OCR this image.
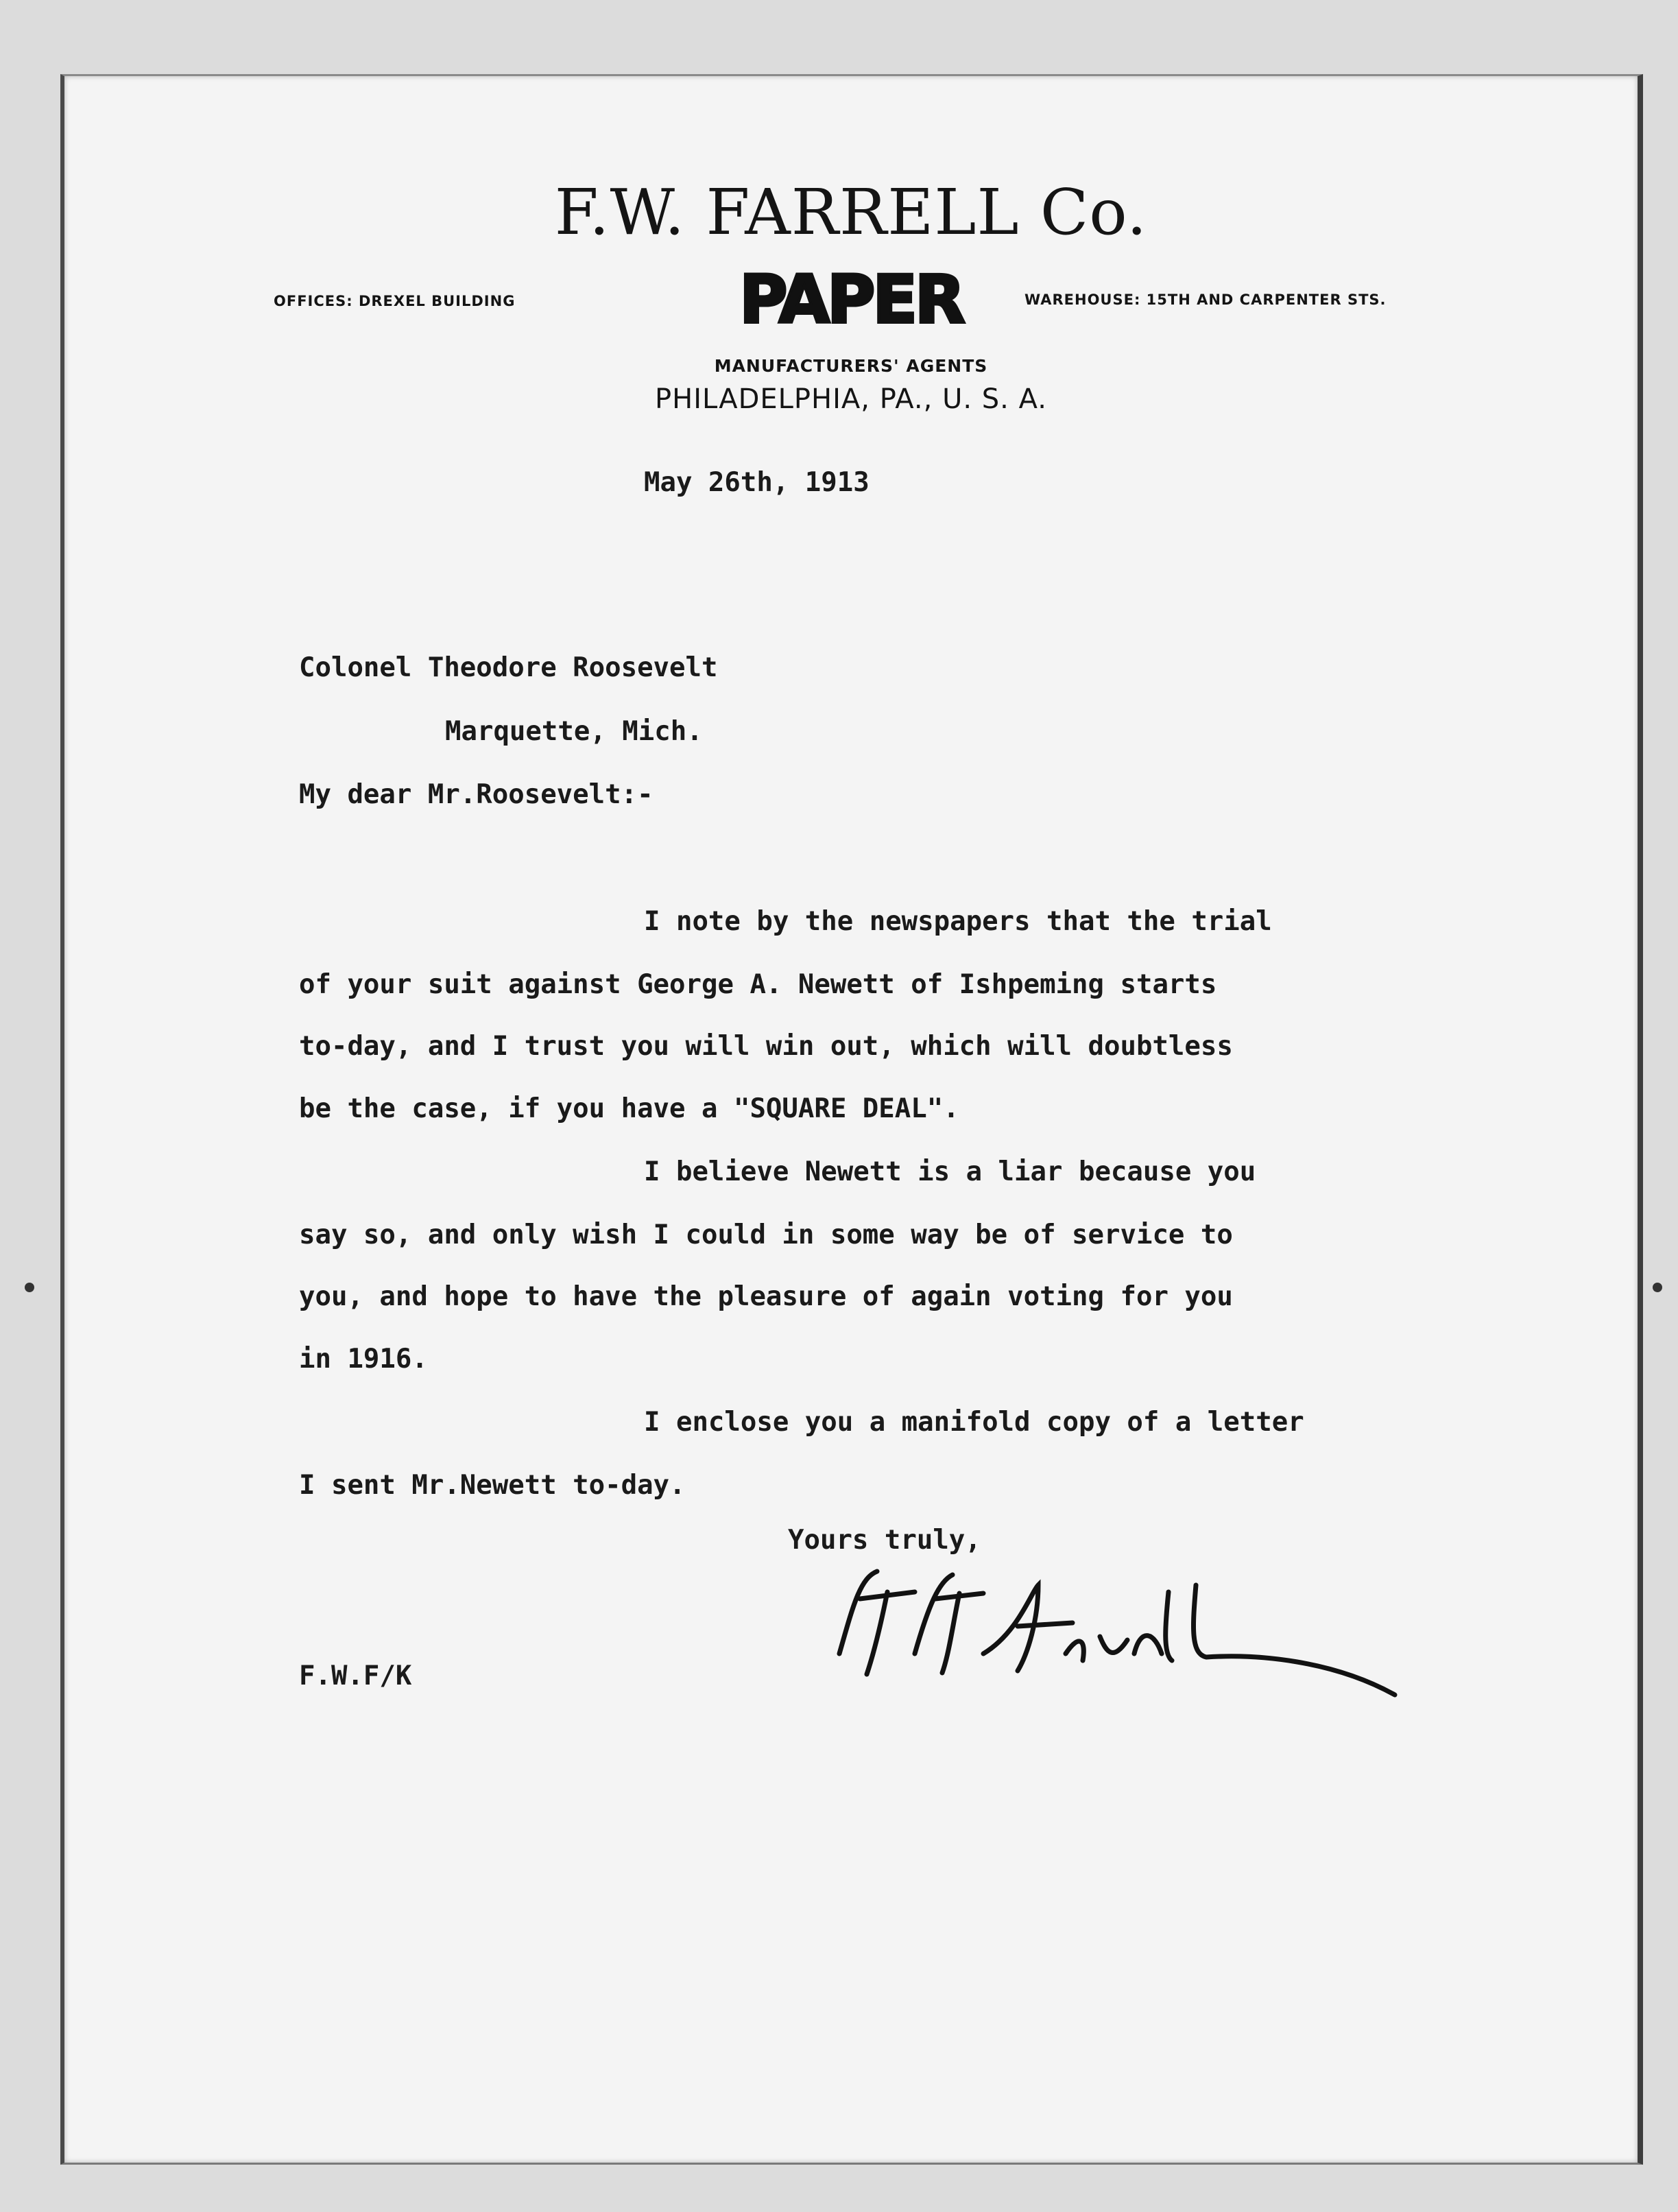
F.W. FARRELL Co.
OFFICES: DREXEL BUILDING	PAPER	WAREHOUSE: 15TH AND CARPENTER STS.
MANUFACTURERS' AGENTS
PHILADELPHIA, PA., U. S. A.
May 26th, 1913
Colonel Theodore Roosevelt
Marquette, Mich.
My dear Mr.Roosevelt:-
I note by the newspapers that the trial
of your suit against George A. Newett of Ishpeming starts
to-day, and I trust you will win out, which will doubtless
be the case, if you have a "SQUARE DEAL".
I believe Newett is a liar because you
say so, and only wish I could in some way be of service to
you, and hope to have the pleasure of again voting for you
in 1916.
I enclose you a manifold copy of a letter
I sent Mr.Newett to-day.
Yours truly,
F.W.F/K
